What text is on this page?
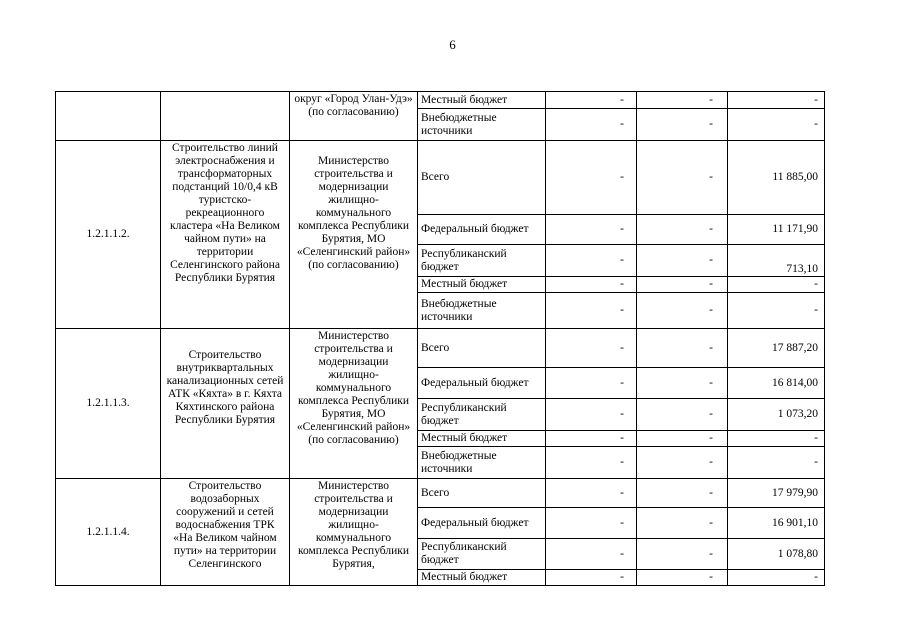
6
		округ «Город Улан-Удэ» (по согласованию)	Местный бюджет	-	-	-
			Внебюджетные источники	-	-	-
1.2.1.1.2.	Строительство линий электроснабжения и трансформаторных подстанций 10/0,4 кВ туристско-рекреационного кластера «На Великом чайном пути» на территории Селенгинского района Республики Бурятия	Министерство строительства и модернизации жилищно-коммунального комплекса Республики Бурятия, МО «Селенгинский район» (по согласованию)	Всего	-	-	11 885,00
			Федеральный бюджет	-	-	11 171,90
			Республиканский бюджет	-	-	713,10
			Местный бюджет	-	-	-
			Внебюджетные источники	-	-	-
1.2.1.1.3.	Строительство внутриквартальных канализационных сетей АТК «Кяхта» в г. Кяхта Кяхтинского района Республики Бурятия	Министерство строительства и модернизации жилищно-коммунального комплекса Республики Бурятия, МО «Селенгинский район» (по согласованию)	Всего	-	-	17 887,20
			Федеральный бюджет	-	-	16 814,00
			Республиканский бюджет	-	-	1 073,20
			Местный бюджет	-	-	-
			Внебюджетные источники	-	-	-
1.2.1.1.4.	Строительство водозаборных сооружений и сетей водоснабжения ТРК «На Великом чайном пути» на территории Селенгинского	Министерство строительства и модернизации жилищно-коммунального комплекса Республики Бурятия,	Всего	-	-	17 979,90
			Федеральный бюджет	-	-	16 901,10
			Республиканский бюджет	-	-	1 078,80
			Местный бюджет	-	-	-
